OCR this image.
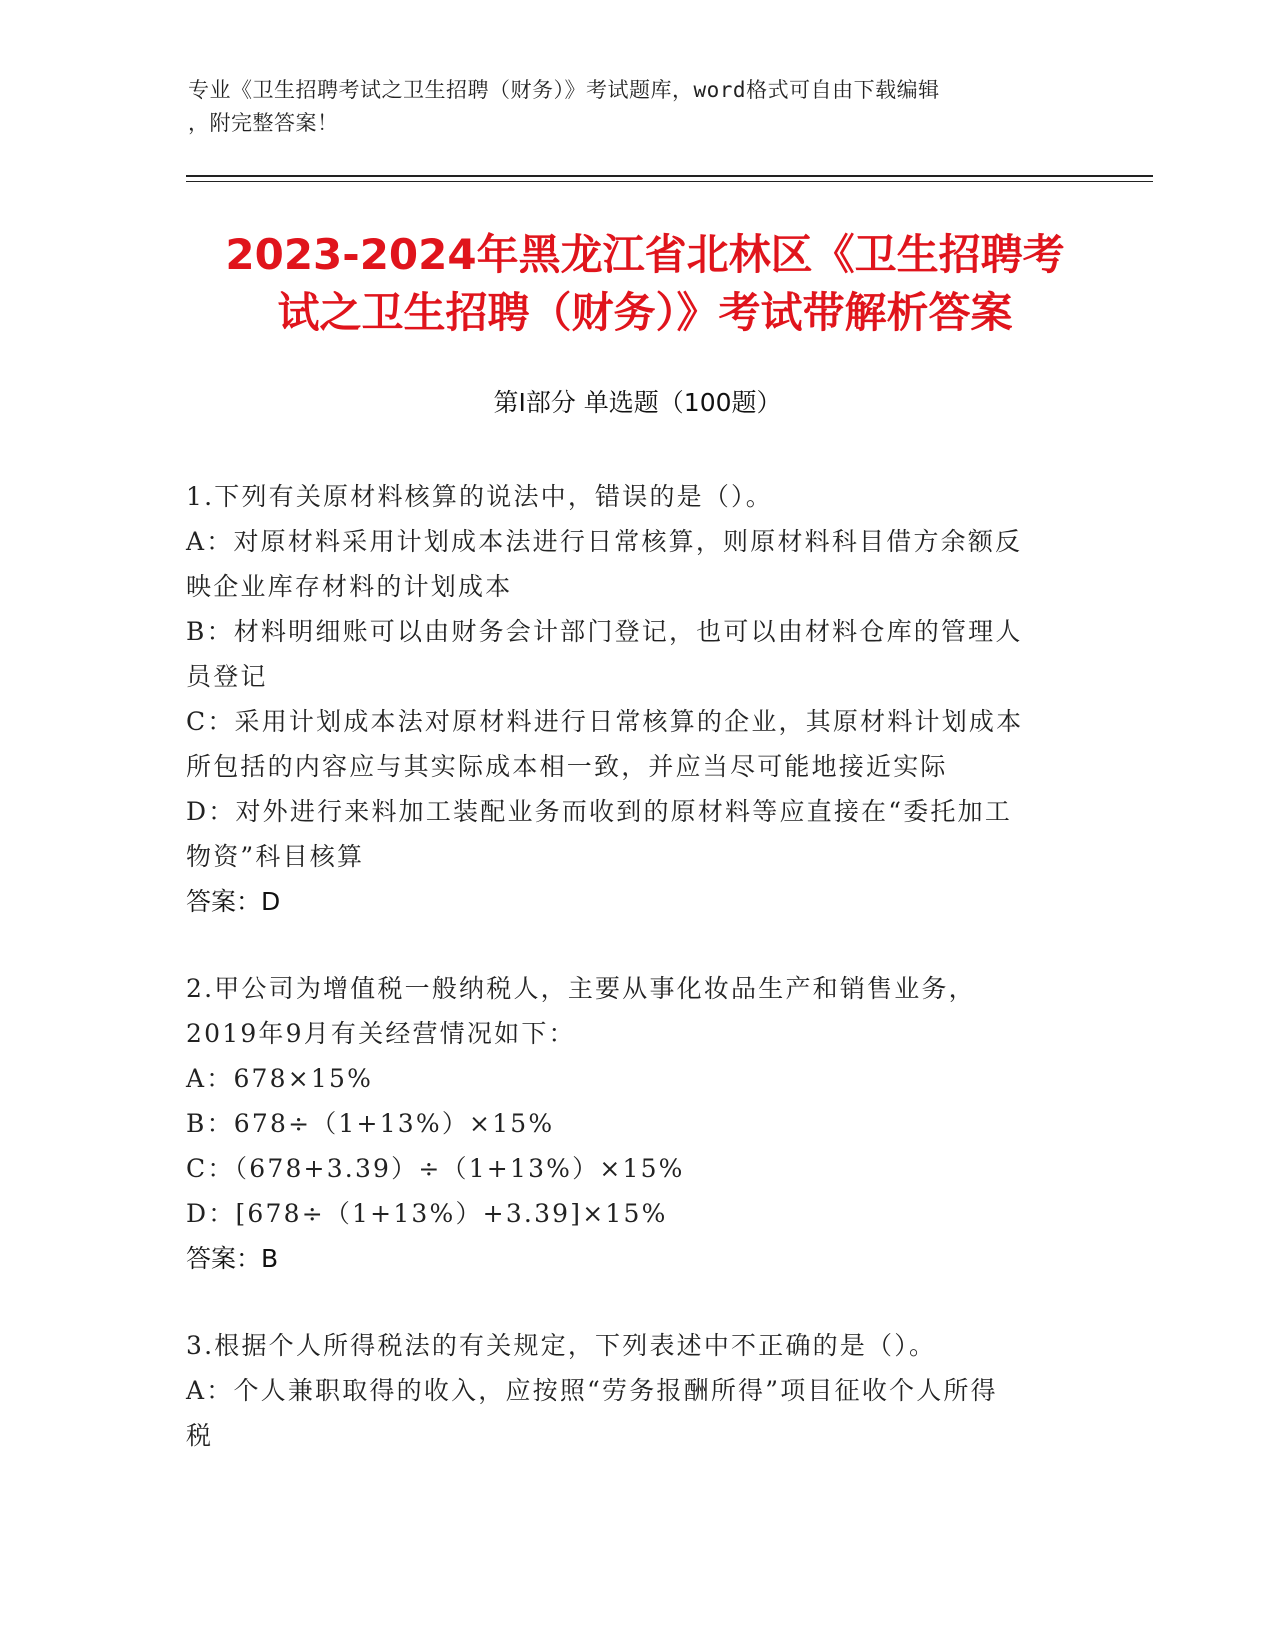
专业《卫生招聘考试之卫生招聘（财务）》考试题库，word格式可自由下载编辑
，附完整答案！
2023-2024年黑龙江省北林区《卫生招聘考
试之卫生招聘（财务）》考试带解析答案
第Ⅰ部分 单选题（100题）
1.下列有关原材料核算的说法中，错误的是（）。
A：对原材料采用计划成本法进行日常核算，则原材料科目借方余额反
映企业库存材料的计划成本
B：材料明细账可以由财务会计部门登记，也可以由材料仓库的管理人
员登记
C：采用计划成本法对原材料进行日常核算的企业，其原材料计划成本
所包括的内容应与其实际成本相一致，并应当尽可能地接近实际
D：对外进行来料加工装配业务而收到的原材料等应直接在“委托加工
物资”科目核算
答案：D
2.甲公司为增值税一般纳税人，主要从事化妆品生产和销售业务，
2019年9月有关经营情况如下：
A：678×15%
B：678÷（1+13%）×15%
C：（678+3.39）÷（1+13%）×15%
D：[678÷（1+13%）+3.39]×15%
答案：B
3.根据个人所得税法的有关规定，下列表述中不正确的是（）。
A：个人兼职取得的收入，应按照“劳务报酬所得”项目征收个人所得
税
